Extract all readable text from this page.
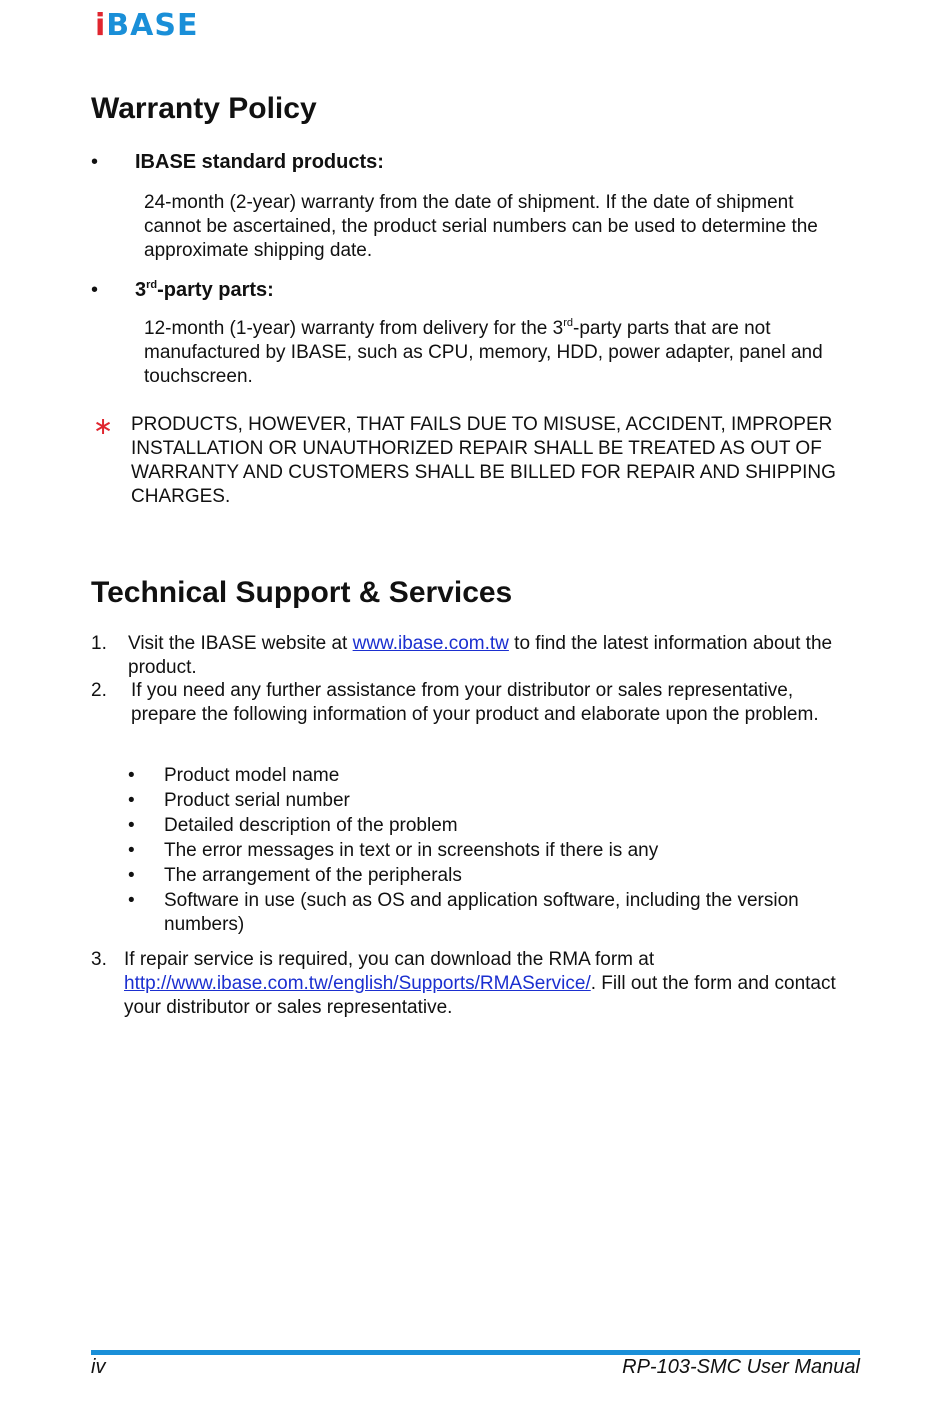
iBASE
Warranty Policy
• IBASE standard products:

24-month (2-year) warranty from the date of shipment. If the date of shipment cannot be ascertained, the product serial numbers can be used to determine the approximate shipping date.

• 3rd-party parts:

12-month (1-year) warranty from delivery for the 3rd-party parts that are not manufactured by IBASE, such as CPU, memory, HDD, power adapter, panel and touchscreen.

∗ PRODUCTS, HOWEVER, THAT FAILS DUE TO MISUSE, ACCIDENT, IMPROPER INSTALLATION OR UNAUTHORIZED REPAIR SHALL BE TREATED AS OUT OF WARRANTY AND CUSTOMERS SHALL BE BILLED FOR REPAIR AND SHIPPING CHARGES.

Technical Support & Services
1. Visit the IBASE website at www.ibase.com.tw to find the latest information about the product.
2. If you need any further assistance from your distributor or sales representative, prepare the following information of your product and elaborate upon the problem.
• Product model name
• Product serial number
• Detailed description of the problem
• The error messages in text or in screenshots if there is any
• The arrangement of the peripherals
• Software in use (such as OS and application software, including the version numbers)
3. If repair service is required, you can download the RMA form at http://www.ibase.com.tw/english/Supports/RMAService/. Fill out the form and contact your distributor or sales representative.
iv	RP-103-SMC User Manual
